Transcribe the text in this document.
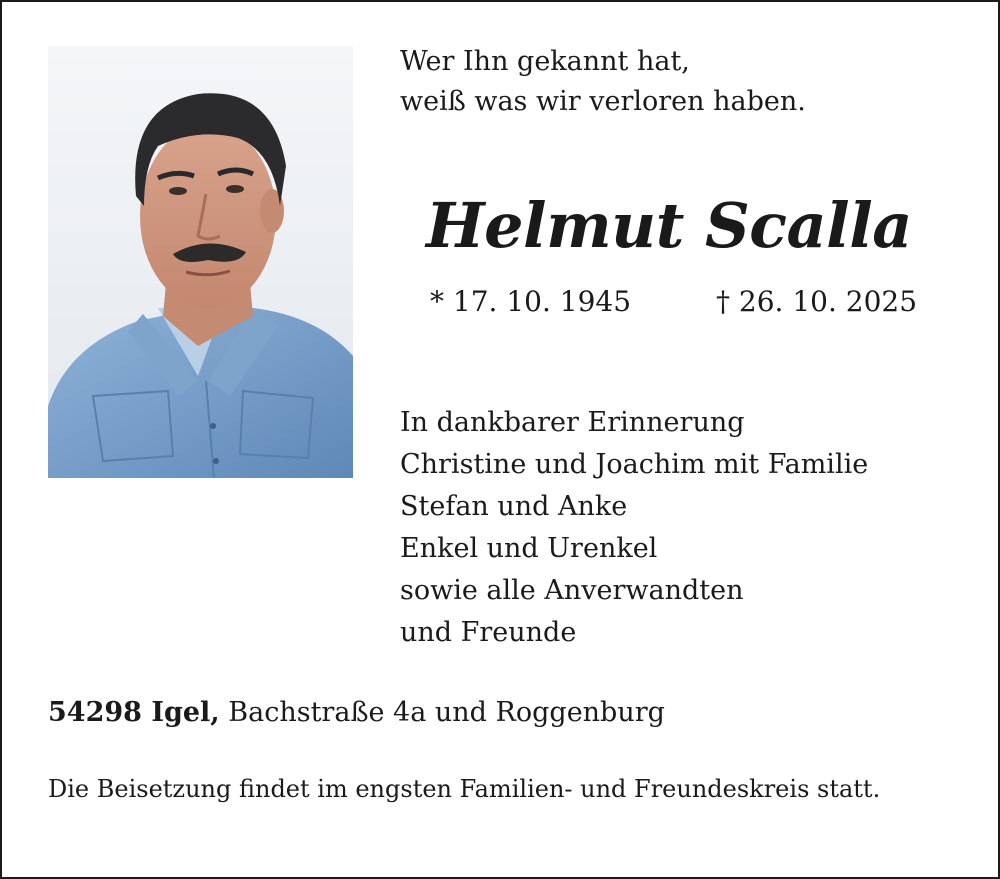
Wer Ihn gekannt hat,
weiß was wir verloren haben.
Helmut Scalla
* 17. 10. 1945	† 26. 10. 2025
In dankbarer Erinnerung
Christine und Joachim mit Familie
Stefan und Anke
Enkel und Urenkel
sowie alle Anverwandten
und Freunde
54298 Igel, Bachstraße 4a und Roggenburg
Die Beisetzung findet im engsten Familien- und Freundeskreis statt.
